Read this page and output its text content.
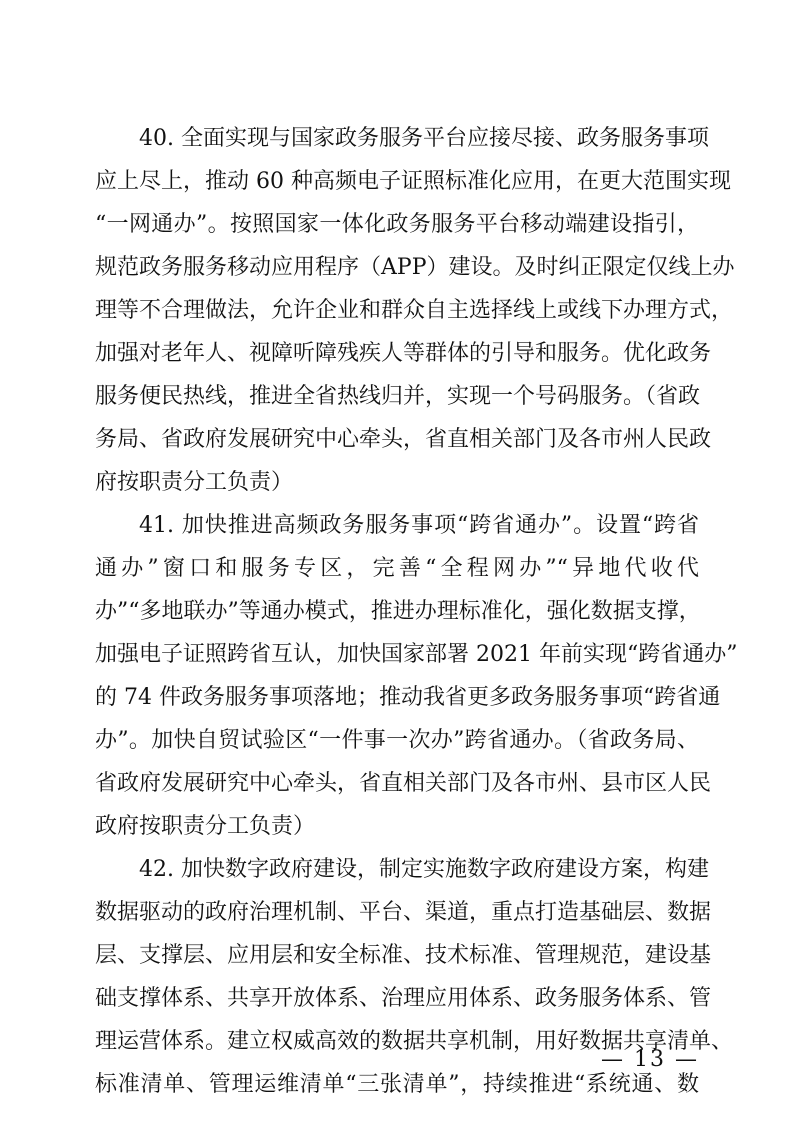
40. 全面实现与国家政务服务平台应接尽接、政务服务事项
应上尽上，推动 60 种高频电子证照标准化应用，在更大范围实现
“一网通办”。按照国家一体化政务服务平台移动端建设指引，
规范政务服务移动应用程序（APP）建设。及时纠正限定仅线上办
理等不合理做法，允许企业和群众自主选择线上或线下办理方式，
加强对老年人、视障听障残疾人等群体的引导和服务。优化政务
服务便民热线，推进全省热线归并，实现一个号码服务。（省政
务局、省政府发展研究中心牵头，省直相关部门及各市州人民政
府按职责分工负责）
41. 加快推进高频政务服务事项“跨省通办”。设置“跨省
通办”窗口和服务专区，完善“全程网办”“异地代收代
办”“多地联办”等通办模式，推进办理标准化，强化数据支撑，
加强电子证照跨省互认，加快国家部署 2021 年前实现“跨省通办”
的 74 件政务服务事项落地；推动我省更多政务服务事项“跨省通
办”。加快自贸试验区“一件事一次办”跨省通办。（省政务局、
省政府发展研究中心牵头，省直相关部门及各市州、县市区人民
政府按职责分工负责）
42. 加快数字政府建设，制定实施数字政府建设方案，构建
数据驱动的政府治理机制、平台、渠道，重点打造基础层、数据
层、支撑层、应用层和安全标准、技术标准、管理规范，建设基
础支撑体系、共享开放体系、治理应用体系、政务服务体系、管
理运营体系。建立权威高效的数据共享机制，用好数据共享清单、
标准清单、管理运维清单“三张清单”，持续推进“系统通、数
— 13 —
